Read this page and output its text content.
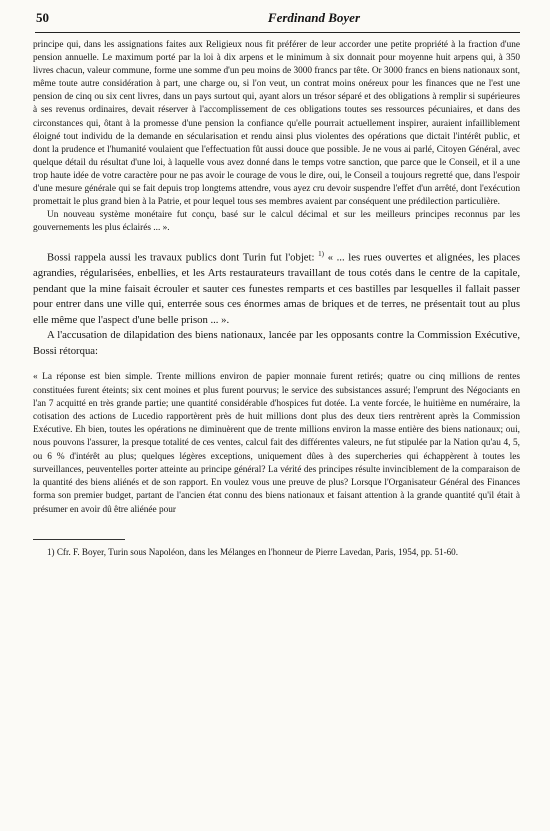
50	Ferdinand Boyer

principe qui, dans les assignations faites aux Religieux nous fit préférer de leur accorder une petite propriété à la fraction d'une pension annuelle. Le maximum porté par la loi à dix arpens et le minimum à six donnait pour moyenne huit arpens qui, à 350 livres chacun, valeur commune, forme une somme d'un peu moins de 3000 francs par tête. Or 3000 francs en biens nationaux sont, même toute autre considération à part, une charge ou, si l'on veut, un contrat moins onéreux pour les finances que ne l'est une pension de cinq ou six cent livres, dans un pays surtout qui, ayant alors un trésor séparé et des obligations à remplir si supérieures à ses revenus ordinaires, devait réserver à l'accomplissement de ces obligations toutes ses ressources pécuniaires, et dans des circonstances qui, ôtant à la promesse d'une pension la confiance qu'elle pourrait actuellement inspirer, auraient infailliblement éloigné tout individu de la demande en sécularisation et rendu ainsi plus violentes des opérations que dictait l'intérêt public, et dont la prudence et l'humanité voulaient que l'effectuation fût aussi douce que possible. Je ne vous ai parlé, Citoyen Général, avec quelque détail du résultat d'une loi, à laquelle vous avez donné dans le temps votre sanction, que parce que le Conseil, et il a une trop haute idée de votre caractère pour ne pas avoir le courage de vous le dire, oui, le Conseil a toujours regretté que, dans l'espoir d'une mesure générale qui se fait depuis trop longtems attendre, vous ayez cru devoir suspendre l'effet d'un arrêté, dont l'exécution promettait le plus grand bien à la Patrie, et pour lequel tous ses membres avaient par conséquent une prédilection particulière.

Un nouveau système monétaire fut conçu, basé sur le calcul décimal et sur les meilleurs principes reconnus par les gouvernements les plus éclairés ... ».

Bossi rappela aussi les travaux publics dont Turin fut l'objet: $^{1)}$ « ... les rues ouvertes et alignées, les places agrandies, régularisées, enbellies, et les Arts restaurateurs travaillant de tous cotés dans le centre de la capitale, pendant que la mine faisait écrouler et sauter ces funestes remparts et ces bastilles par lesquelles il fallait passer pour entrer dans une ville qui, enterrée sous ces énormes amas de briques et de terres, ne présentait tout au plus elle même que l'aspect d'une belle prison ... ».

A l'accusation de dilapidation des biens nationaux, lancée par les opposants contre la Commission Exécutive, Bossi rétorqua:

« La réponse est bien simple. Trente millions environ de papier monnaie furent retirés; quatre ou cinq millions de rentes constituées furent éteints; six cent moines et plus furent pourvus; le service des subsistances assuré; l'emprunt des Négociants en l'an 7 acquitté en très grande partie; une quantité considérable d'hospices fut dotée. La vente forcée, le huitième en numéraire, la cotisation des actions de Lucedio rapportèrent près de huit millions dont plus des deux tiers rentrèrent après la Commission Exécutive. Eh bien, toutes les opérations ne diminuèrent que de trente millions environ la masse entière des biens nationaux; oui, nous pouvons l'assurer, la presque totalité de ces ventes, calcul fait des différentes valeurs, ne fut stipulée par la Nation qu'au 4, 5, ou 6 % d'intérêt au plus; quelques légères exceptions, uniquement dûes à des supercheries qui échappèrent à toutes les surveillances, peuventelles porter atteinte au principe général? La vérité des principes résulte invinciblement de la comparaison de la quantité des biens aliénés et de son rapport. En voulez vous une preuve de plus? Lorsque l'Organisateur Général des Finances forma son premier budget, partant de l'ancien état connu des biens nationaux et faisant attention à la grande quantité qu'il était à présumer en avoir dû être aliénée pour

1) Cfr. F. Boyer, Turin sous Napoléon, dans les Mélanges en l'honneur de Pierre Lavedan, Paris, 1954, pp. 51-60.
